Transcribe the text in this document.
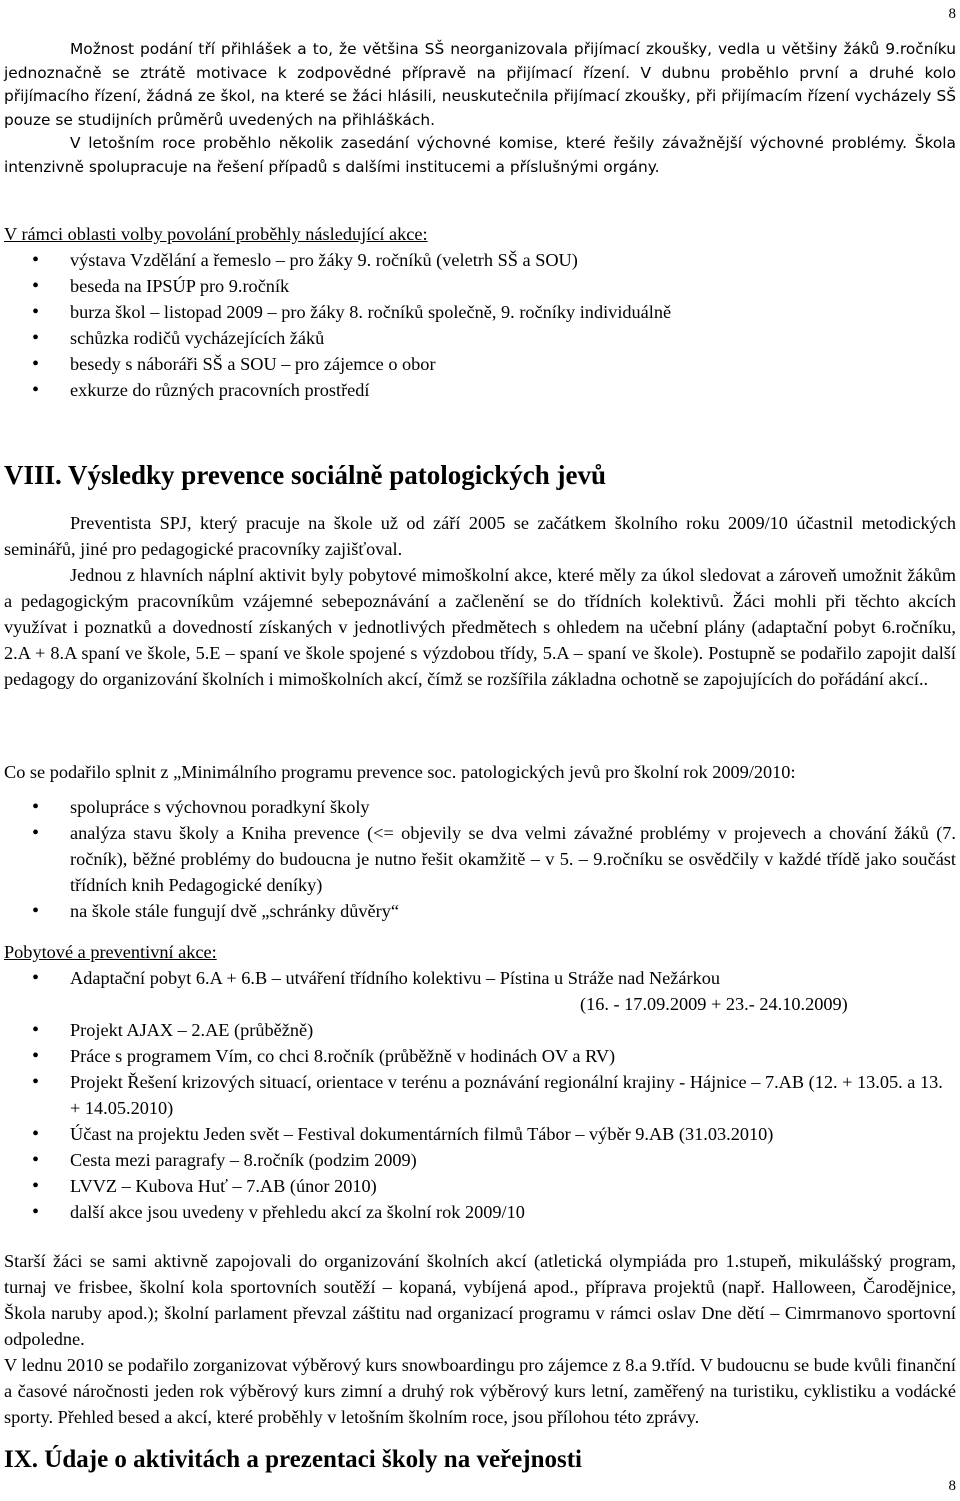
8

Možnost podání tří přihlášek a to, že většina SŠ neorganizovala přijímací zkoušky, vedla u většiny žáků 9.ročníku jednoznačně se ztrátě motivace k zodpovědné přípravě na přijímací řízení. V dubnu proběhlo první a druhé kolo přijímacího řízení, žádná ze škol, na které se žáci hlásili, neuskutečnila přijímací zkoušky, při přijímacím řízení vycházely SŠ pouze se studijních průměrů uvedených na přihláškách.

V letošním roce proběhlo několik zasedání výchovné komise, které řešily závažnější výchovné problémy. Škola intenzivně spolupracuje na řešení případů s dalšími institucemi a příslušnými orgány.

V rámci oblasti volby povolání proběhly následující akce:

• výstava Vzdělání a řemeslo – pro žáky 9. ročníků (veletrh SŠ a SOU)
• beseda na IPSÚP pro 9.ročník
• burza škol – listopad 2009 – pro žáky 8. ročníků společně, 9. ročníky individuálně
• schůzka rodičů vycházejících žáků
• besedy s náboráři SŠ a SOU – pro zájemce o obor
• exkurze do různých pracovních prostředí
VIII. Výsledky prevence sociálně patologických jevů

Preventista SPJ, který pracuje na škole už od září 2005 se začátkem školního roku 2009/10 účastnil metodických seminářů, jiné pro pedagogické pracovníky zajišťoval.

Jednou z hlavních náplní aktivit byly pobytové mimoškolní akce, které měly za úkol sledovat a zároveň umožnit žákům a pedagogickým pracovníkům vzájemné sebepoznávání a začlenění se do třídních kolektivů. Žáci mohli při těchto akcích využívat i poznatků a dovedností získaných v jednotlivých předmětech s ohledem na učební plány (adaptační pobyt 6.ročníku, 2.A + 8.A spaní ve škole, 5.E – spaní ve škole spojené s výzdobou třídy, 5.A – spaní ve škole). Postupně se podařilo zapojit další pedagogy do organizování školních i mimoškolních akcí, čímž se rozšířila základna ochotně se zapojujících do pořádání akcí..

Co se podařilo splnit z „Minimálního programu prevence soc. patologických jevů pro školní rok 2009/2010:
• spolupráce s výchovnou poradkyní školy
• analýza stavu školy a Kniha prevence (<= objevily se dva velmi závažné problémy v projevech a chování žáků (7. ročník), běžné problémy do budoucna je nutno řešit okamžitě – v 5. – 9.ročníku se osvědčily v každé třídě jako součást třídních knih Pedagogické deníky)
• na škole stále fungují dvě „schránky důvěry“

Pobytové a preventivní akce:

• Adaptační pobyt 6.A + 6.B – utváření třídního kolektivu – Pístina u Stráže nad Nežárkou
(16. - 17.09.2009 + 23.- 24.10.2009)
• Projekt AJAX – 2.AE (průběžně)
• Práce s programem Vím, co chci 8.ročník (průběžně v hodinách OV a RV)
• Projekt Řešení krizových situací, orientace v terénu a poznávání regionální krajiny - Hájnice – 7.AB (12. + 13.05. a 13. + 14.05.2010)
• Účast na projektu Jeden svět – Festival dokumentárních filmů Tábor – výběr 9.AB (31.03.2010)
• Cesta mezi paragrafy – 8.ročník (podzim 2009)
• LVVZ – Kubova Huť – 7.AB (únor 2010)
• další akce jsou uvedeny v přehledu akcí za školní rok 2009/10

Starší žáci se sami aktivně zapojovali do organizování školních akcí (atletická olympiáda pro 1.stupeň, mikulášský program, turnaj ve frisbee, školní kola sportovních soutěží – kopaná, vybíjená apod., příprava projektů (např. Halloween, Čarodějnice, Škola naruby apod.); školní parlament převzal záštitu nad organizací programu v rámci oslav Dne dětí – Cimrmanovo sportovní odpoledne.

V lednu 2010 se podařilo zorganizovat výběrový kurs snowboardingu pro zájemce z 8.a 9.tříd. V budoucnu se bude kvůli finanční a časové náročnosti jeden rok výběrový kurs zimní a druhý rok výběrový kurs letní, zaměřený na turistiku, cyklistiku a vodácké sporty. Přehled besed a akcí, které proběhly v letošním školním roce, jsou přílohou této zprávy.

IX. Údaje o aktivitách a prezentaci školy na veřejnosti
8
